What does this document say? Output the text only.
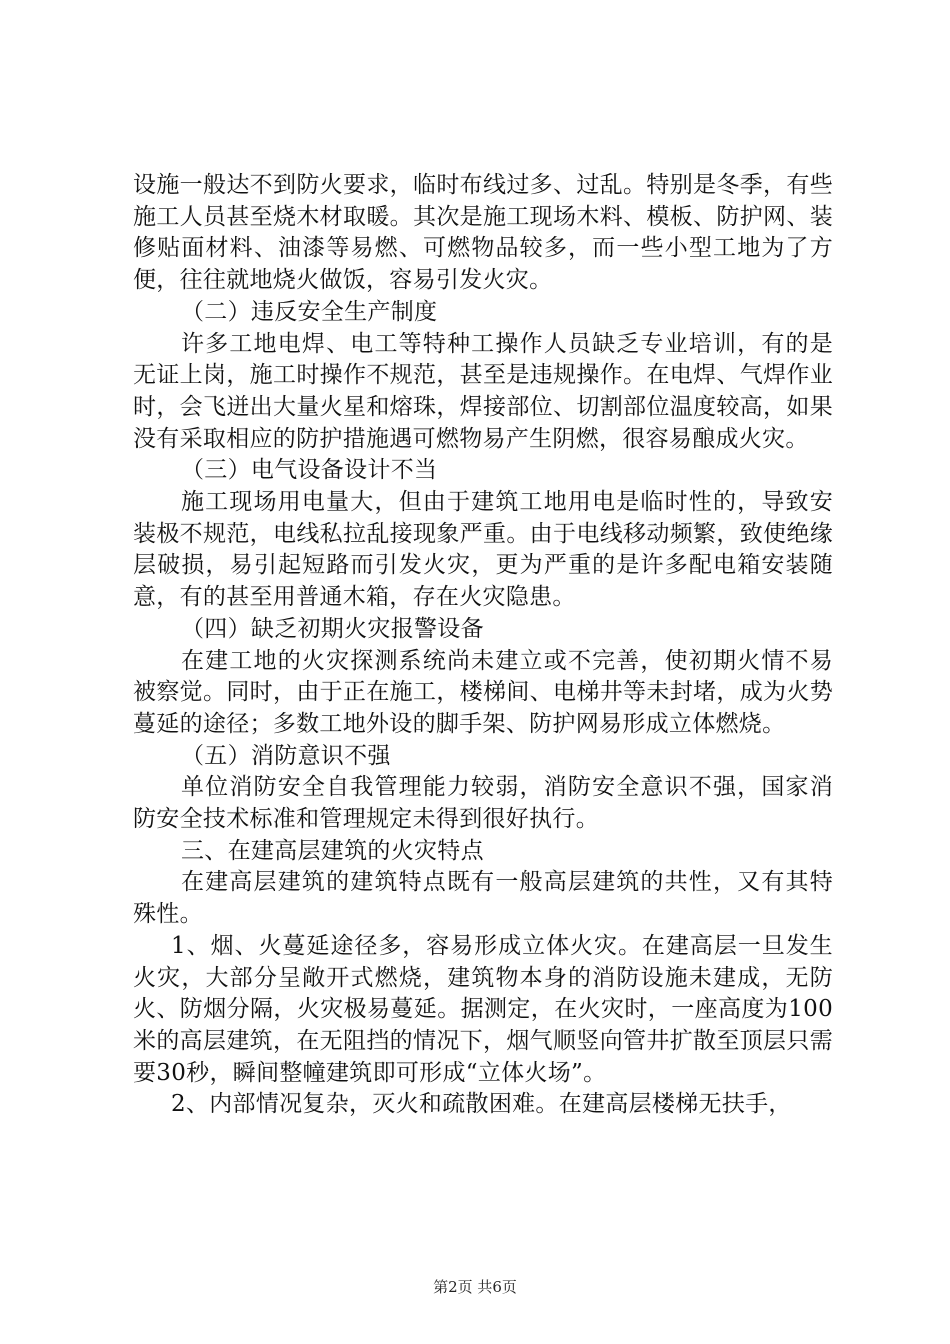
设施一般达不到防火要求，临时布线过多、过乱。特别是冬季，有些施工人员甚至烧木材取暖。其次是施工现场木料、模板、防护网、装修贴面材料、油漆等易燃、可燃物品较多，而一些小型工地为了方便，往往就地烧火做饭，容易引发火灾。

（二）违反安全生产制度

许多工地电焊、电工等特种工操作人员缺乏专业培训，有的是无证上岗，施工时操作不规范，甚至是违规操作。在电焊、气焊作业时，会飞迸出大量火星和熔珠，焊接部位、切割部位温度较高，如果没有采取相应的防护措施遇可燃物易产生阴燃，很容易酿成火灾。

（三）电气设备设计不当

施工现场用电量大，但由于建筑工地用电是临时性的，导致安装极不规范，电线私拉乱接现象严重。由于电线移动频繁，致使绝缘层破损，易引起短路而引发火灾，更为严重的是许多配电箱安装随意，有的甚至用普通木箱，存在火灾隐患。

（四）缺乏初期火灾报警设备

在建工地的火灾探测系统尚未建立或不完善，使初期火情不易被察觉。同时，由于正在施工，楼梯间、电梯井等未封堵，成为火势蔓延的途径；多数工地外设的脚手架、防护网易形成立体燃烧。

（五）消防意识不强

单位消防安全自我管理能力较弱，消防安全意识不强，国家消防安全技术标准和管理规定未得到很好执行。

三、在建高层建筑的火灾特点

在建高层建筑的建筑特点既有一般高层建筑的共性，又有其特殊性。

1、烟、火蔓延途径多，容易形成立体火灾。在建高层一旦发生火灾，大部分呈敞开式燃烧，建筑物本身的消防设施未建成，无防火、防烟分隔，火灾极易蔓延。据测定，在火灾时，一座高度为100米的高层建筑，在无阻挡的情况下，烟气顺竖向管井扩散至顶层只需要30秒，瞬间整幢建筑即可形成“立体火场”。

2、内部情况复杂，灭火和疏散困难。在建高层楼梯无扶手，

第2页 共6页
